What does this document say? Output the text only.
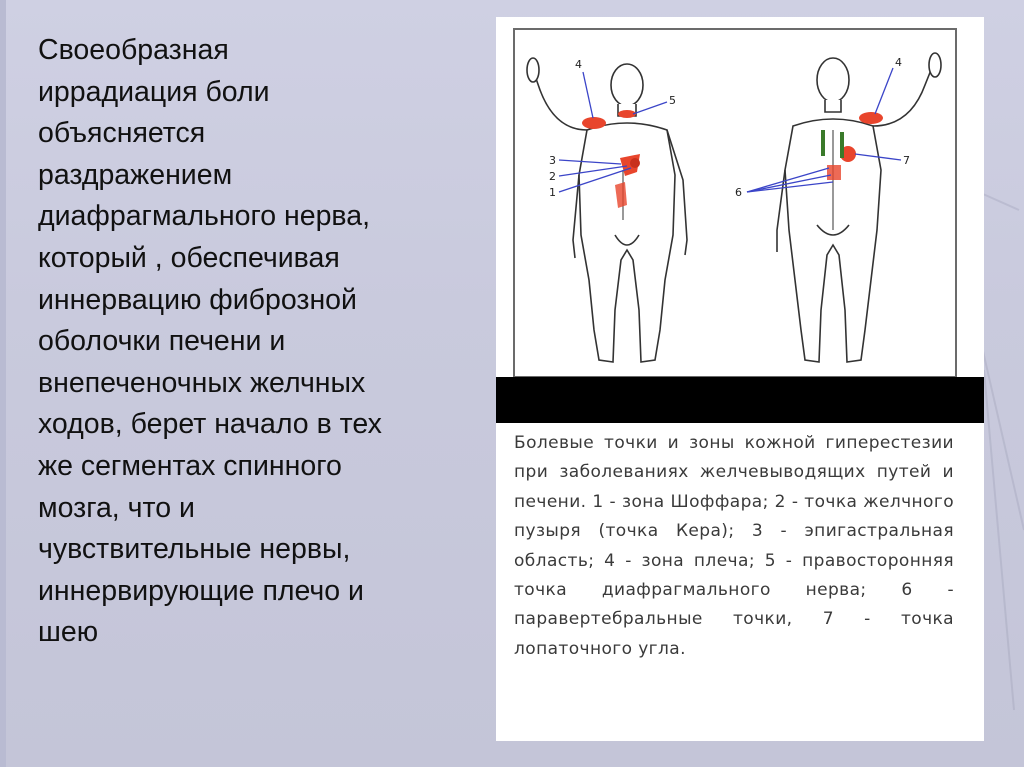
Своеобразная
иррадиация боли
объясняется
раздражением
диафрагмального нерва,
который , обеспечивая
иннервацию фиброзной
оболочки печени и
внепеченочных желчных
ходов, берет начало в тех
же сегментах спинного
мозга, что и
чувствительные нервы,
иннервирующие плечо и
шею
4
5
3
2
1
4
7
6
Болевые точки и зоны кожной гиперестезии при заболеваниях желчевыводящих путей и печени. 1 - зона Шоффара; 2 - точка желчного пузыря (точка Кера); 3 - эпигастральная область; 4 - зона плеча; 5 - правосторонняя точка диафрагмального нерва; 6 - паравертебральные точки, 7 - точка лопаточного угла.
